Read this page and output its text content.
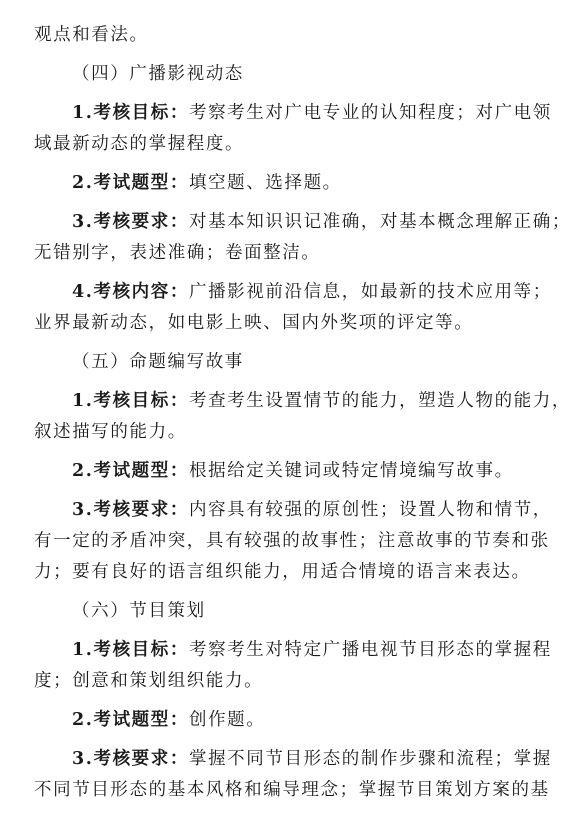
观点和看法。
（四）广播影视动态
1.考核目标：考察考生对广电专业的认知程度；对广电领
域最新动态的掌握程度。
2.考试题型：填空题、选择题。
3.考核要求：对基本知识识记准确，对基本概念理解正确；
无错别字，表述准确；卷面整洁。
4.考核内容：广播影视前沿信息，如最新的技术应用等；
业界最新动态，如电影上映、国内外奖项的评定等。
（五）命题编写故事
1.考核目标：考查考生设置情节的能力，塑造人物的能力，
叙述描写的能力。
2.考试题型：根据给定关键词或特定情境编写故事。
3.考核要求：内容具有较强的原创性；设置人物和情节，
有一定的矛盾冲突，具有较强的故事性；注意故事的节奏和张
力；要有良好的语言组织能力，用适合情境的语言来表达。
（六）节目策划
1.考核目标：考察考生对特定广播电视节目形态的掌握程
度；创意和策划组织能力。
2.考试题型：创作题。
3.考核要求：掌握不同节目形态的制作步骤和流程；掌握
不同节目形态的基本风格和编导理念；掌握节目策划方案的基
